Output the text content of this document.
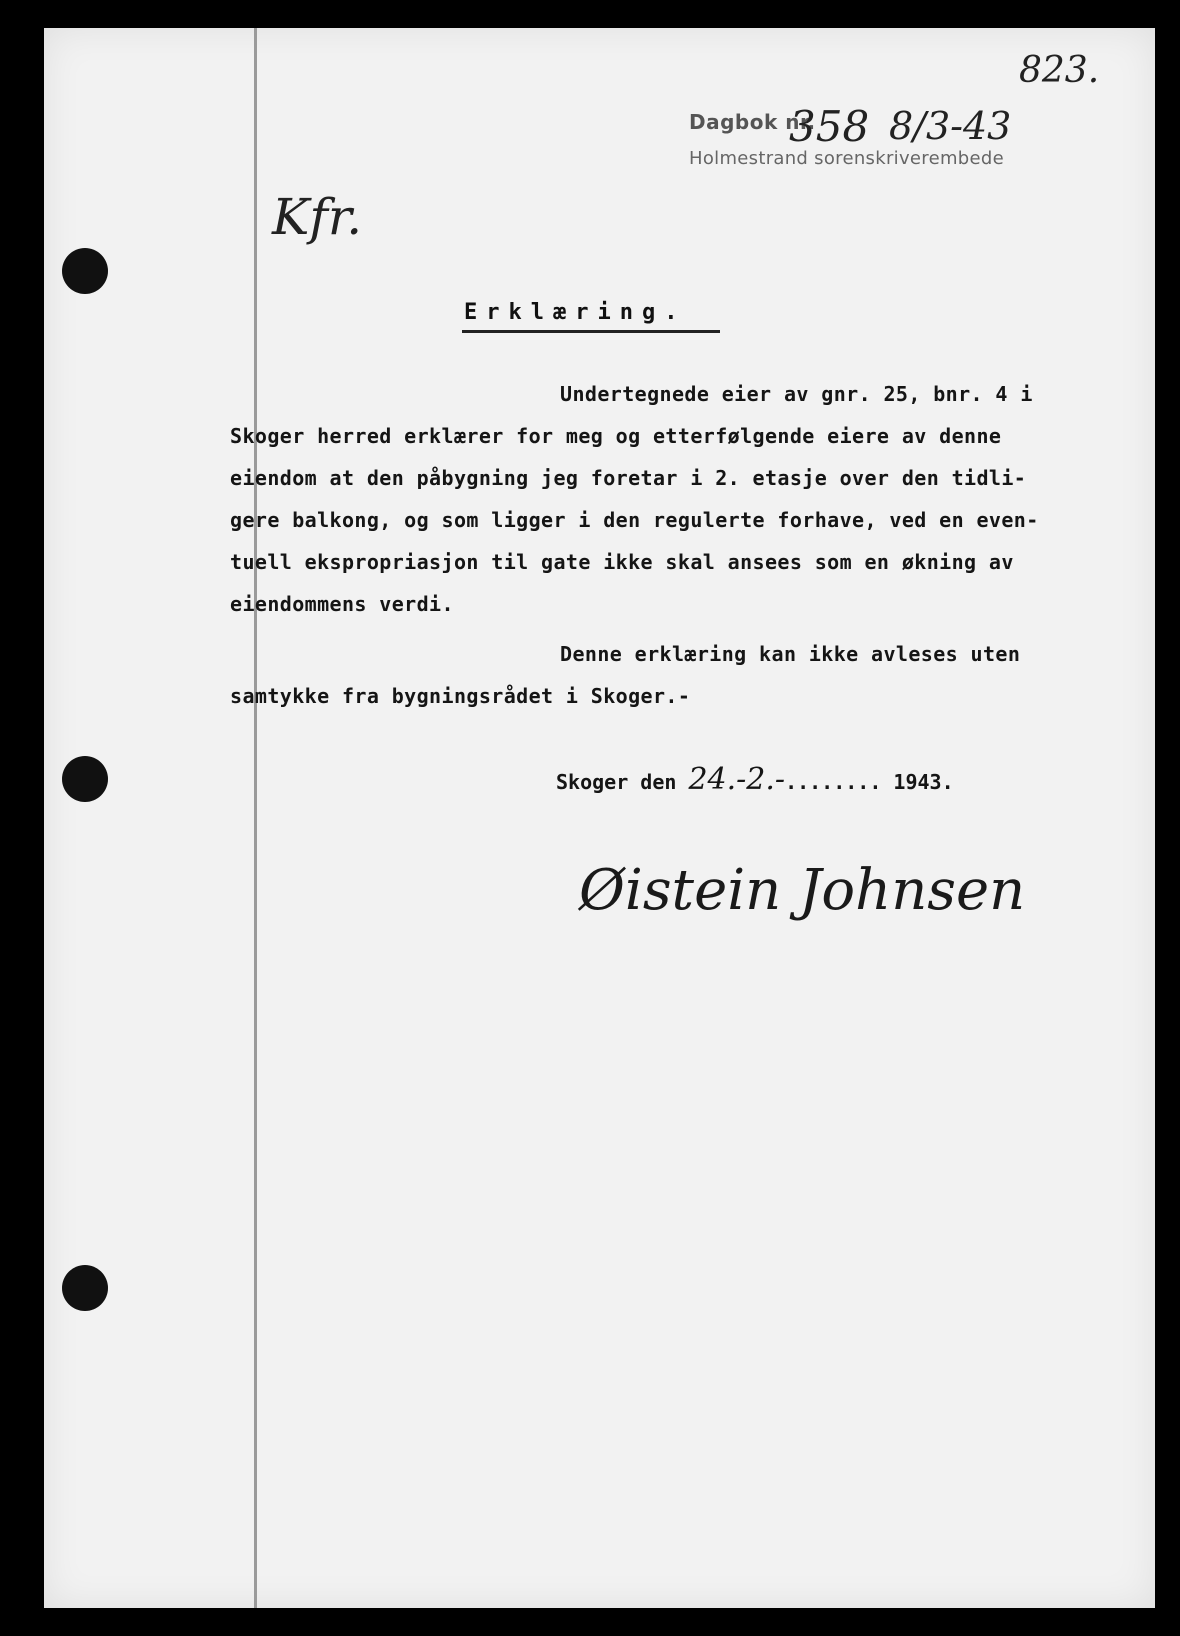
Dagbok nr.
Holmestrand sorenskriverembede
358 8/3-43
823.
Kfr.
Erklæring.
Undertegnede eier av gnr. 25, bnr. 4 i
Skoger herred erklærer for meg og etterfølgende eiere av denne
eiendom at den påbygning jeg foretar i 2. etasje over den tidli-
gere balkong, og som ligger i den regulerte forhave, ved en even-
tuell ekspropriasjon til gate ikke skal ansees som en økning av
eiendommens verdi.
Denne erklæring kan ikke avleses uten
samtykke fra bygningsrådet i Skoger.-
Skoger den 24.-2.-........ 1943.
Øistein Johnsen
